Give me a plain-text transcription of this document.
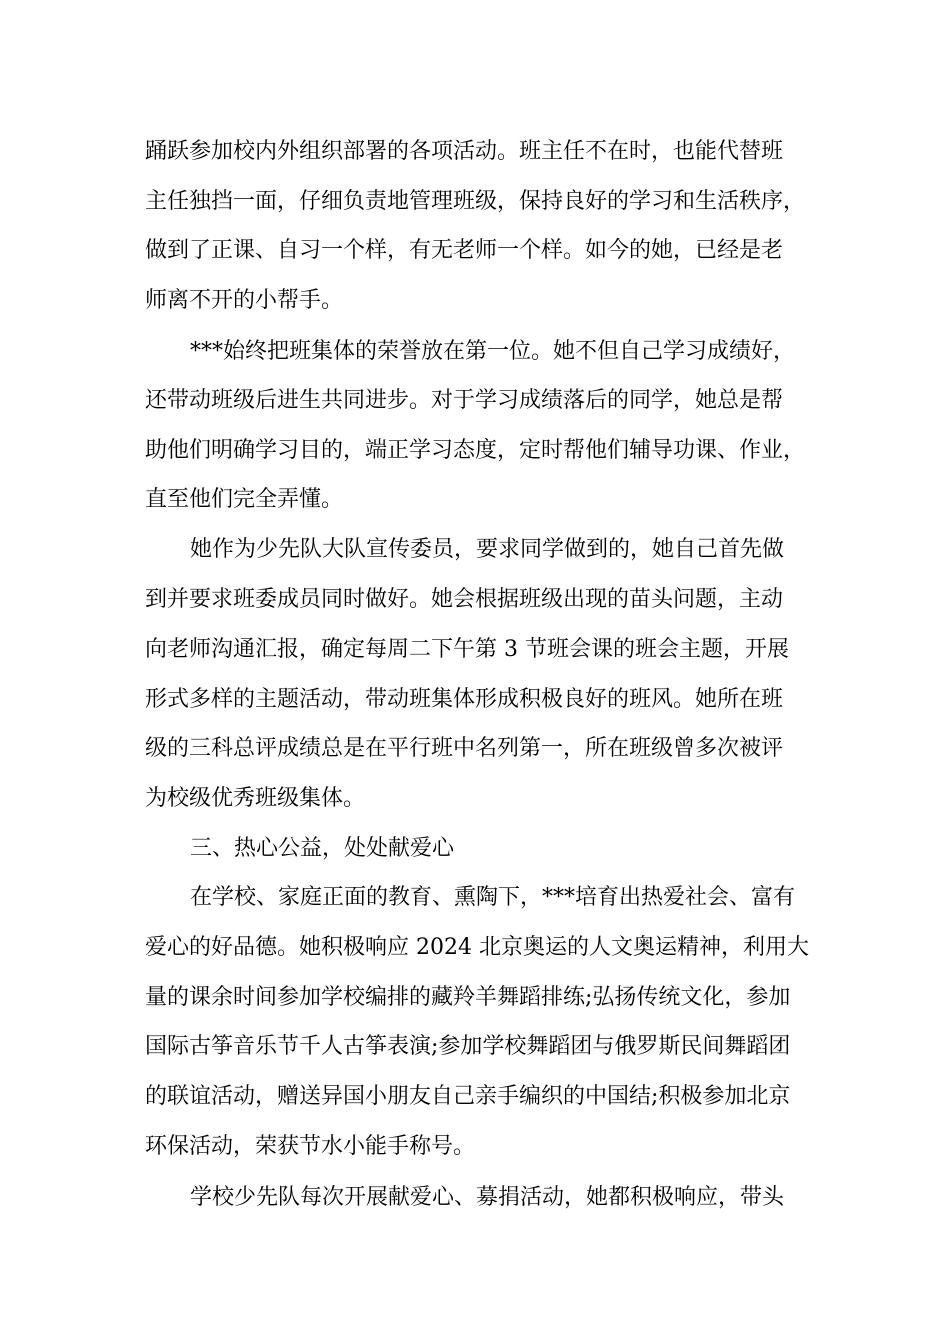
踊跃参加校内外组织部署的各项活动。班主任不在时，也能代替班
主任独挡一面，仔细负责地管理班级，保持良好的学习和生活秩序，
做到了正课、自习一个样，有无老师一个样。如今的她，已经是老
师离不开的小帮手。
***始终把班集体的荣誉放在第一位。她不但自己学习成绩好，
还带动班级后进生共同进步。对于学习成绩落后的同学，她总是帮
助他们明确学习目的，端正学习态度，定时帮他们辅导功课、作业，
直至他们完全弄懂。
她作为少先队大队宣传委员，要求同学做到的，她自己首先做
到并要求班委成员同时做好。她会根据班级出现的苗头问题，主动
向老师沟通汇报，确定每周二下午第 3 节班会课的班会主题，开展
形式多样的主题活动，带动班集体形成积极良好的班风。她所在班
级的三科总评成绩总是在平行班中名列第一，所在班级曾多次被评
为校级优秀班级集体。
三、热心公益，处处献爱心
在学校、家庭正面的教育、熏陶下，***培育出热爱社会、富有
爱心的好品德。她积极响应 2024 北京奥运的人文奥运精神，利用大
量的课余时间参加学校编排的藏羚羊舞蹈排练;弘扬传统文化，参加
国际古筝音乐节千人古筝表演;参加学校舞蹈团与俄罗斯民间舞蹈团
的联谊活动，赠送异国小朋友自己亲手编织的中国结;积极参加北京
环保活动，荣获节水小能手称号。
学校少先队每次开展献爱心、募捐活动，她都积极响应，带头
